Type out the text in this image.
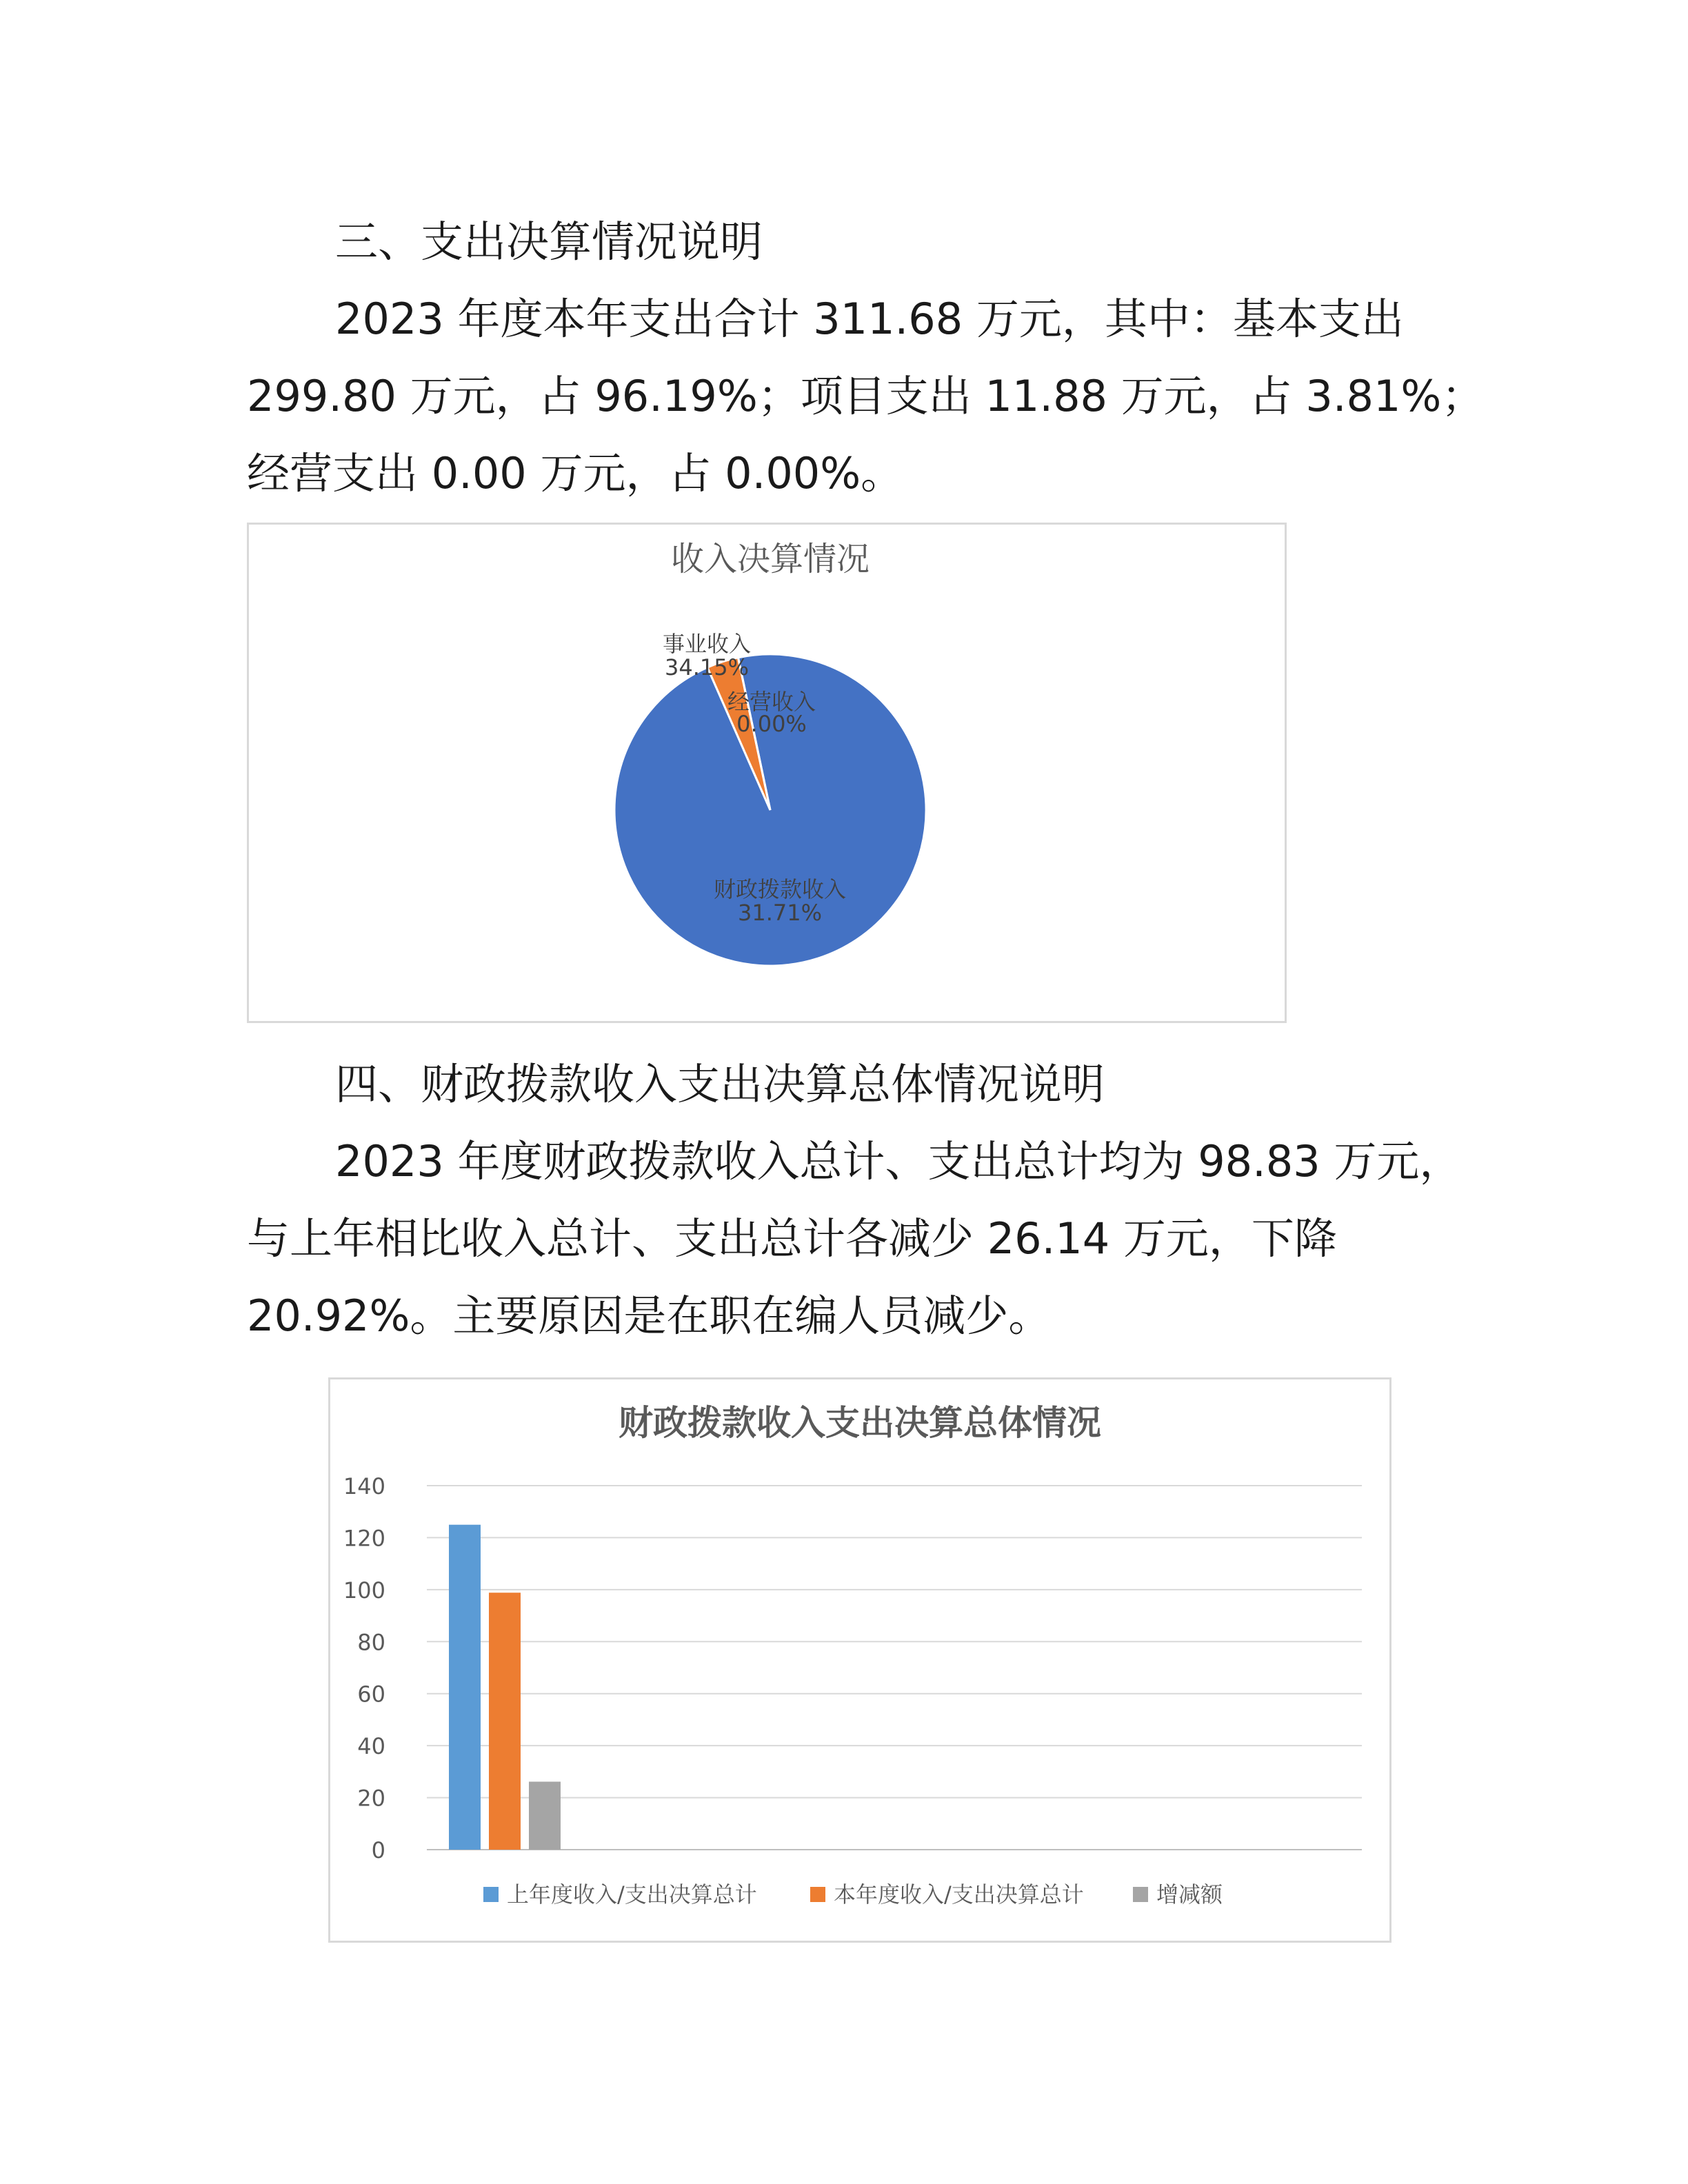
三、支出决算情况说明

2023 年度本年支出合计 311.68 万元，其中：基本支出

299.80 万元，占 96.19%；项目支出 11.88 万元，占 3.81%；

经营支出 0.00 万元，占 0.00%。

收入决算情况
事业收入
34.15%
经营收入
0.00%
财政拨款收入
31.71%

四、财政拨款收入支出决算总体情况说明

2023 年度财政拨款收入总计、支出总计均为 98.83 万元，

与上年相比收入总计、支出总计各减少 26.14 万元，下降

20.92%。主要原因是在职在编人员减少。

财政拨款收入支出决算总体情况
0
20
40
60
80
100
120
140
上年度收入/支出决算总计	本年度收入/支出决算总计	增减额
